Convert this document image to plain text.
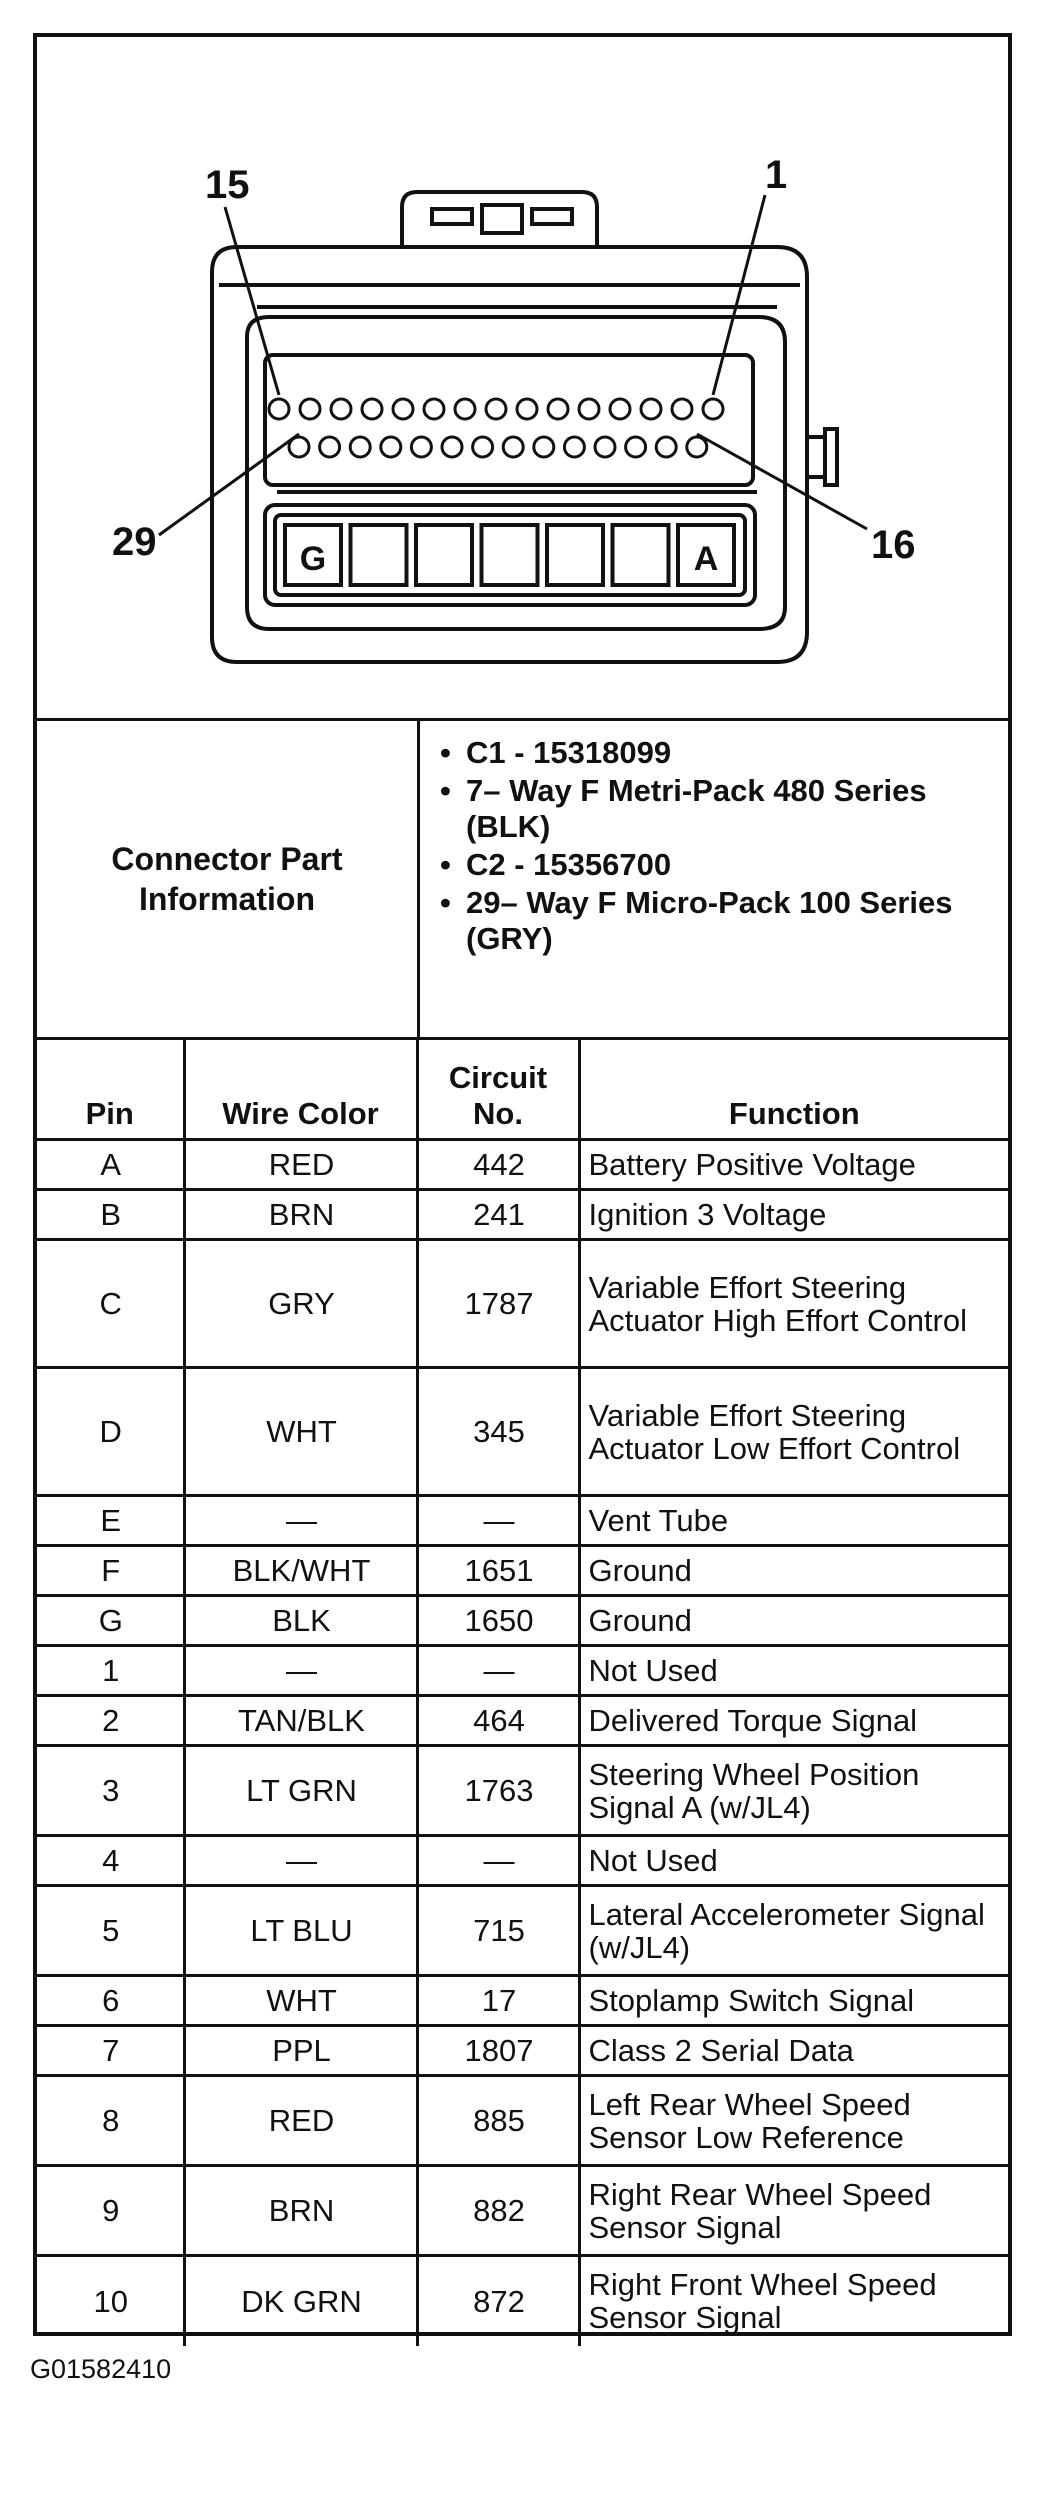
G	A
15	1
29	16
Connector Part Information
• C1 - 15318099
• 7– Way F Metri-Pack 480 Series (BLK)
• C2 - 15356700
• 29– Way F Micro-Pack 100 Series (GRY)
Pin	Wire Color	Circuit No.	Function
A	RED	442	Battery Positive Voltage
B	BRN	241	Ignition 3 Voltage
C	GRY	1787	Variable Effort Steering Actuator High Effort Control
D	WHT	345	Variable Effort Steering Actuator Low Effort Control
E	—	—	Vent Tube
F	BLK/WHT	1651	Ground
G	BLK	1650	Ground
1	—	—	Not Used
2	TAN/BLK	464	Delivered Torque Signal
3	LT GRN	1763	Steering Wheel Position Signal A (w/JL4)
4	—	—	Not Used
5	LT BLU	715	Lateral Accelerometer Signal (w/JL4)
6	WHT	17	Stoplamp Switch Signal
7	PPL	1807	Class 2 Serial Data
8	RED	885	Left Rear Wheel Speed Sensor Low Reference
9	BRN	882	Right Rear Wheel Speed Sensor Signal
10	DK GRN	872	Right Front Wheel Speed Sensor Signal
G01582410
